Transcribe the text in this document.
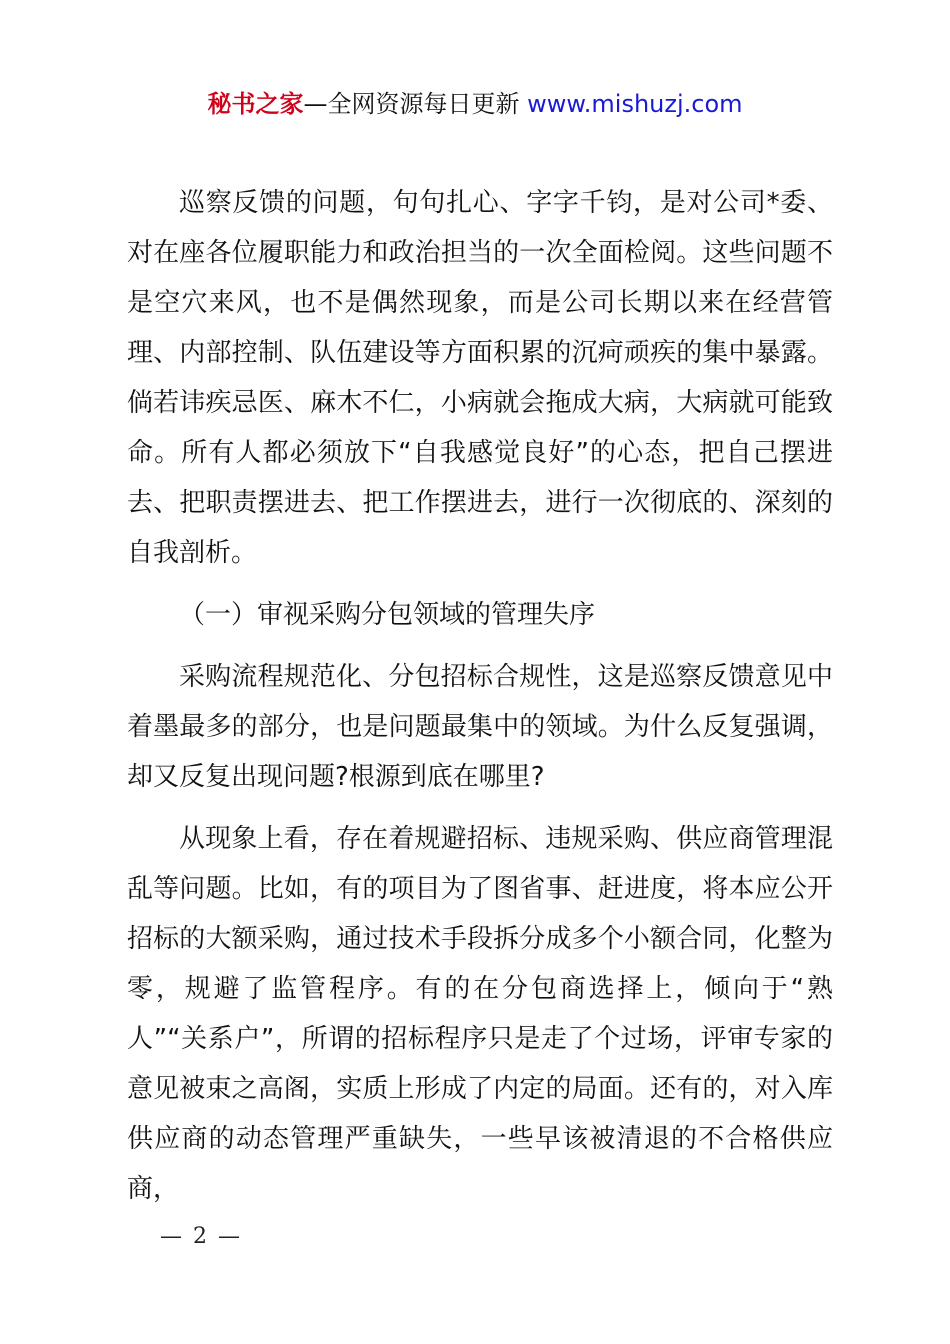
秘书之家—全网资源每日更新 www.mishuzj.com

巡察反馈的问题，句句扎心、字字千钧，是对公司*委、对在座各位履职能力和政治担当的一次全面检阅。这些问题不是空穴来风，也不是偶然现象，而是公司长期以来在经营管理、内部控制、队伍建设等方面积累的沉疴顽疾的集中暴露。倘若讳疾忌医、麻木不仁，小病就会拖成大病，大病就可能致命。所有人都必须放下“自我感觉良好”的心态，把自己摆进去、把职责摆进去、把工作摆进去，进行一次彻底的、深刻的自我剖析。

（一）审视采购分包领域的管理失序

采购流程规范化、分包招标合规性，这是巡察反馈意见中着墨最多的部分，也是问题最集中的领域。为什么反复强调，却又反复出现问题?根源到底在哪里?

从现象上看，存在着规避招标、违规采购、供应商管理混乱等问题。比如，有的项目为了图省事、赶进度，将本应公开招标的大额采购，通过技术手段拆分成多个小额合同，化整为零，规避了监管程序。有的在分包商选择上，倾向于“熟人”“关系户”，所谓的招标程序只是走了个过场，评审专家的意见被束之高阁，实质上形成了内定的局面。还有的，对入库供应商的动态管理严重缺失，一些早该被清退的不合格供应商，

— 2 —
